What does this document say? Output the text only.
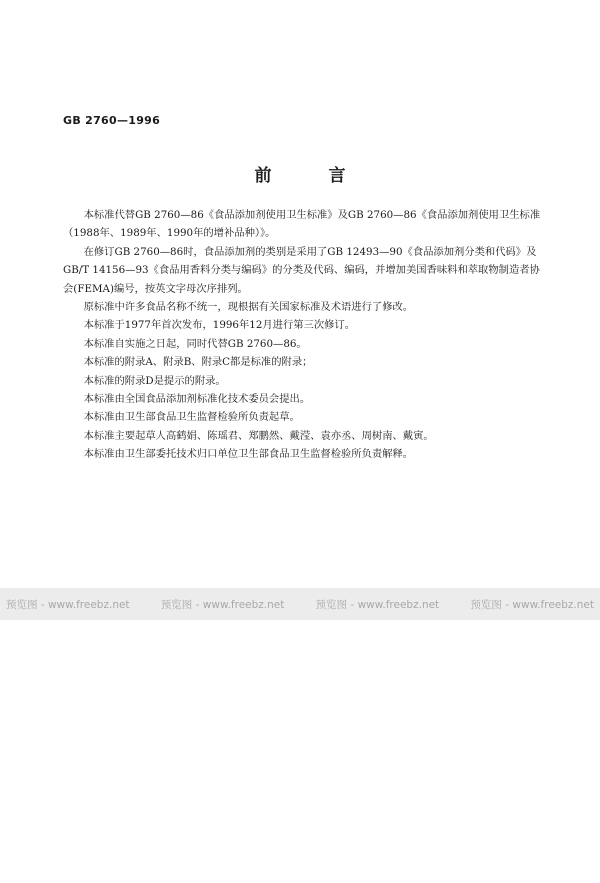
GB 2760—1996
前　言

本标准代替GB 2760—86《食品添加剂使用卫生标准》及GB 2760—86《食品添加剂使用卫生标准（1988年、1989年、1990年的增补品种）》。

在修订GB 2760—86时，食品添加剂的类别是采用了GB 12493—90《食品添加剂分类和代码》及GB/T 14156—93《食品用香料分类与编码》的分类及代码、编码，并增加美国香味料和萃取物制造者协会(FEMA)编号，按英文字母次序排列。

原标准中许多食品名称不统一，现根据有关国家标准及术语进行了修改。

本标准于1977年首次发布，1996年12月进行第三次修订。

本标准自实施之日起，同时代替GB 2760—86。

本标准的附录A、附录B、附录C都是标准的附录；

本标准的附录D是提示的附录。

本标准由全国食品添加剂标准化技术委员会提出。

本标准由卫生部食品卫生监督检验所负责起草。

本标准主要起草人高鹤娟、陈瑶君、郑鹏然、戴滢、袁亦丞、周树南、戴寅。

本标准由卫生部委托技术归口单位卫生部食品卫生监督检验所负责解释。

预览图 - www.freebz.net	预览图 - www.freebz.net	预览图 - www.freebz.net	预览图 - www.freebz.net
